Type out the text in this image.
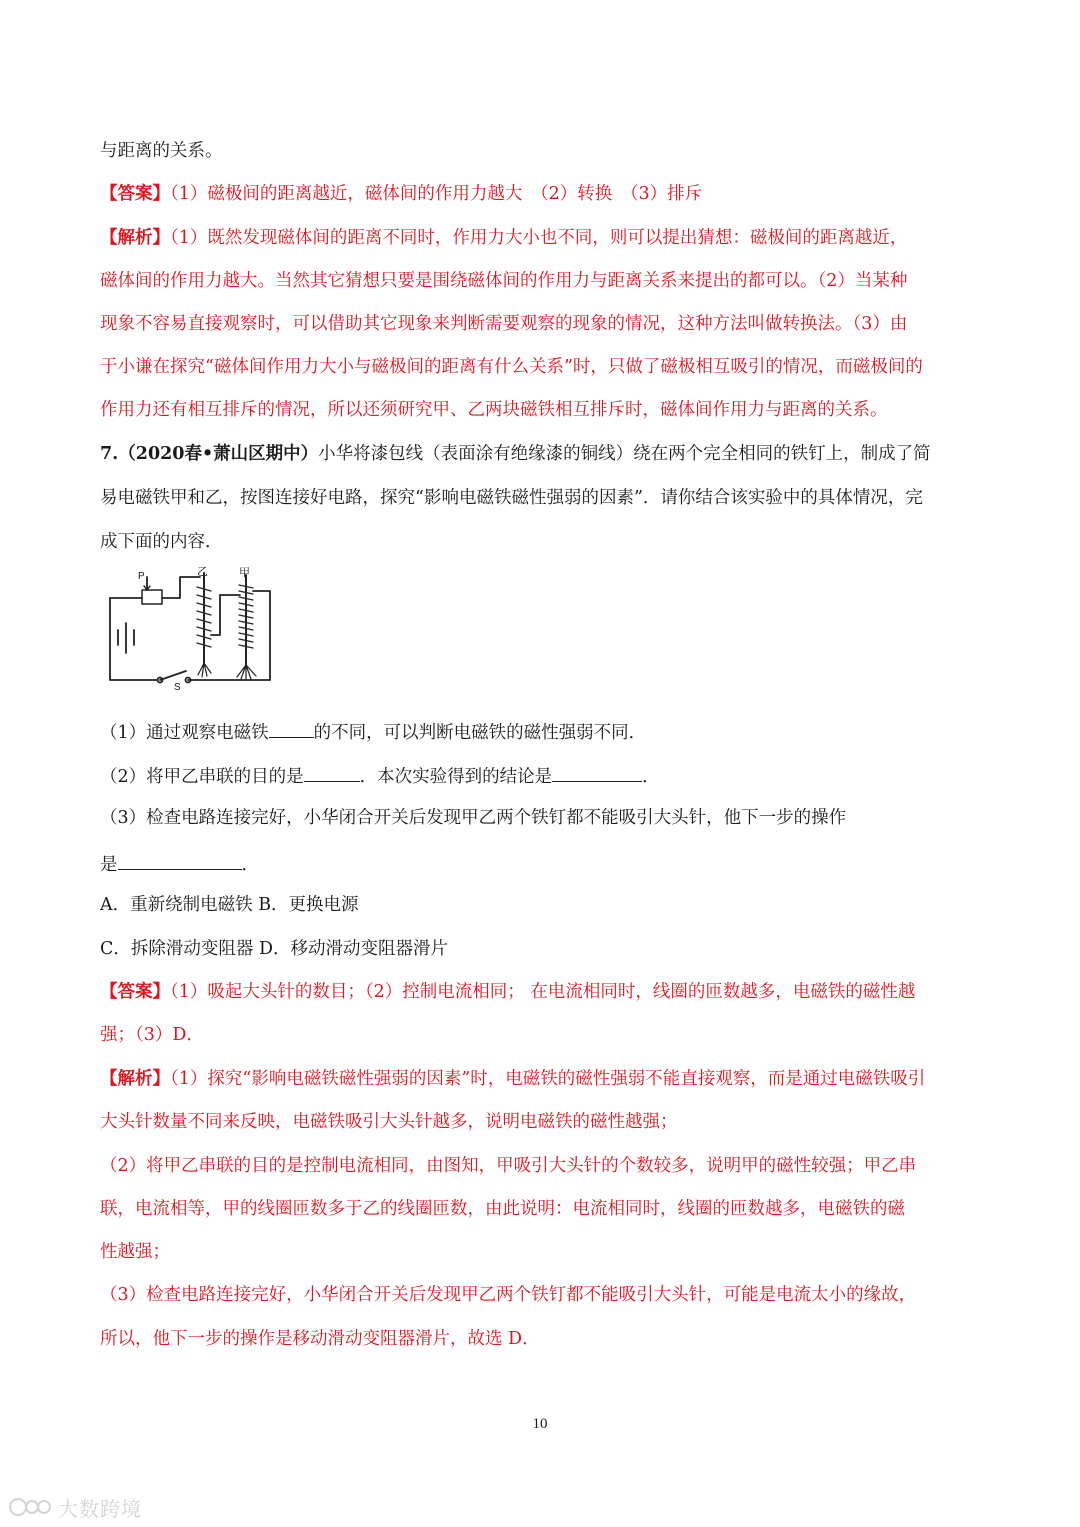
与距离的关系。
【答案】（1）磁极间的距离越近，磁体间的作用力越大　（2）转换　（3）排斥
【解析】（1）既然发现磁体间的距离不同时，作用力大小也不同，则可以提出猜想：磁极间的距离越近，
磁体间的作用力越大。当然其它猜想只要是围绕磁体间的作用力与距离关系来提出的都可以。（2）当某种
现象不容易直接观察时，可以借助其它现象来判断需要观察的现象的情况，这种方法叫做转换法。（3）由
于小谦在探究“磁体间作用力大小与磁极间的距离有什么关系”时，只做了磁极相互吸引的情况，而磁极间的
作用力还有相互排斥的情况，所以还须研究甲、乙两块磁铁相互排斥时，磁体间作用力与距离的关系。
7.（2020春•萧山区期中）小华将漆包线（表面涂有绝缘漆的铜线）绕在两个完全相同的铁钉上，制成了简
易电磁铁甲和乙，按图连接好电路，探究“影响电磁铁磁性强弱的因素”．请你结合该实验中的具体情况，完
成下面的内容．
P	乙	甲
S
（1）通过观察电磁铁	的不同，可以判断电磁铁的磁性强弱不同．
（2）将甲乙串联的目的是	．本次实验得到的结论是	．
（3）检查电路连接完好，小华闭合开关后发现甲乙两个铁钉都不能吸引大头针，他下一步的操作
是	．
A．重新绕制电磁铁 B．更换电源
C．拆除滑动变阻器 D．移动滑动变阻器滑片
【答案】（1）吸起大头针的数目；（2）控制电流相同； 在电流相同时，线圈的匝数越多，电磁铁的磁性越
强；（3）D．
【解析】（1）探究“影响电磁铁磁性强弱的因素”时，电磁铁的磁性强弱不能直接观察，而是通过电磁铁吸引
大头针数量不同来反映，电磁铁吸引大头针越多，说明电磁铁的磁性越强；
（2）将甲乙串联的目的是控制电流相同，由图知，甲吸引大头针的个数较多，说明甲的磁性较强；甲乙串
联，电流相等，甲的线圈匝数多于乙的线圈匝数，由此说明：电流相同时，线圈的匝数越多，电磁铁的磁
性越强；
（3）检查电路连接完好，小华闭合开关后发现甲乙两个铁钉都不能吸引大头针，可能是电流太小的缘故，
所以，他下一步的操作是移动滑动变阻器滑片，故选 D．
10
大数跨境
